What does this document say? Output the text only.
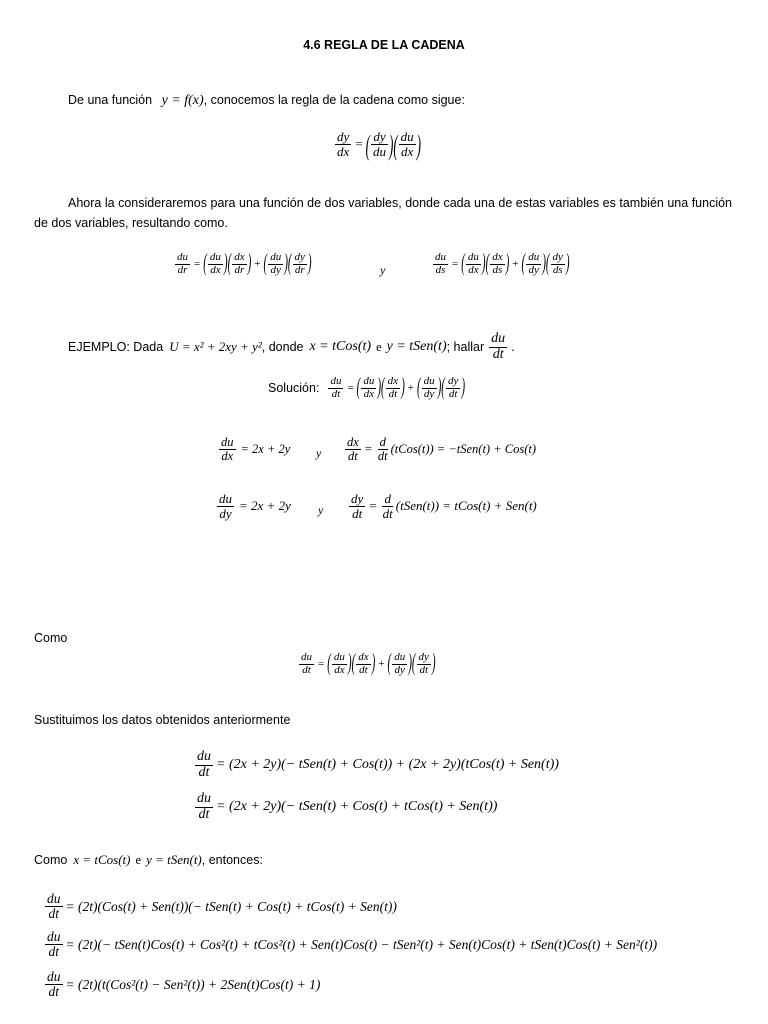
4.6 REGLA DE LA CADENA
De una función y = f(x), conocemos la regla de la cadena como sigue:
$\frac{dy}{dx}$ = ( $\frac{dy}{du}$ ) ( $\frac{du}{dx}$ )
Ahora la consideraremos para una función de dos variables, donde cada una de estas variables es también una función de dos variables, resultando como.
$\frac{du}{dr}$ = ( $\frac{du}{dx}$ ) ( $\frac{dx}{dr}$ ) + ( $\frac{du}{dy}$ ) ( $\frac{dy}{dr}$ )	y	$\frac{du}{ds}$ = ( $\frac{du}{dx}$ ) ( $\frac{dx}{ds}$ ) + ( $\frac{du}{dy}$ ) ( $\frac{dy}{ds}$ )
EJEMPLO: Dada U = x² + 2xy + y² , donde x = tCos(t) e y = tSen(t) ; hallar $\frac{du}{dt}$ .
Solución: $\frac{du}{dt}$ = ( $\frac{du}{dx}$ ) ( $\frac{dx}{dt}$ ) + ( $\frac{du}{dy}$ ) ( $\frac{dy}{dt}$ )
$\frac{du}{dx} = 2x + 2y$ y $\frac{dx}{dt} = \frac{d}{dt}$ (tCos(t)) = −tSen(t) + Cos(t)
$\frac{du}{dy} = 2x + 2y$ y $\frac{dy}{dt} = \frac{d}{dt}$ (tSen(t)) = tCos(t) + Sen(t)
Como
$\frac{du}{dt}$ = ( $\frac{du}{dx}$ ) ( $\frac{dx}{dt}$ ) + ( $\frac{du}{dy}$ ) ( $\frac{dy}{dt}$ )
Sustituimos los datos obtenidos anteriormente
$\frac{du}{dt} = (2x + 2y)(-$ tSen(t) + Cos(t)) + (2x + 2y)(tCos(t) + Sen(t))
$\frac{du}{dt} = (2x + 2y)(-$ tSen(t) + Cos(t) + tCos(t) + Sen(t))
Como x = tCos(t) e y = tSen(t) , entonces:
$\frac{du}{dt} = (2t)(Cos(t) + Sen(t))(-$ tSen(t) + Cos(t) + tCos(t) + Sen(t))
$\frac{du}{dt} = (2t)(-$ tSen(t)Cos(t) + Cos²(t) + tCos²(t) + Sen(t)Cos(t) − tSen²(t) + Sen(t)Cos(t) + tSen(t)Cos(t) + Sen²(t))
$\frac{du}{dt} = (2t)(t(Cos^2(t) - Sen^2(t)) + 2Sen(t)Cos(t) + 1)$
